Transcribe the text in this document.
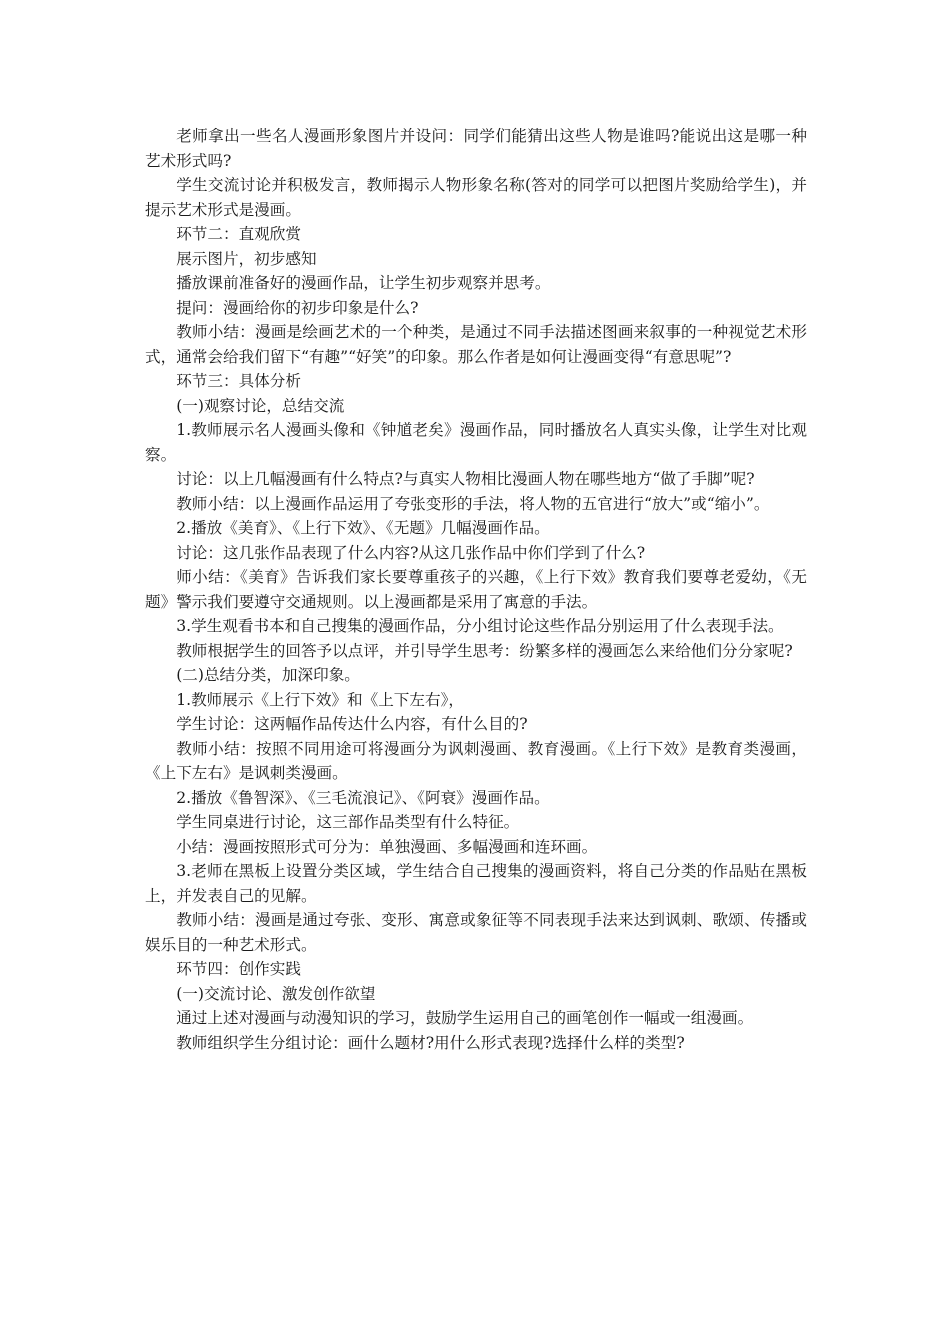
老师拿出一些名人漫画形象图片并设问：同学们能猜出这些人物是谁吗?能说出这是哪一种艺术形式吗?

学生交流讨论并积极发言，教师揭示人物形象名称(答对的同学可以把图片奖励给学生)，并提示艺术形式是漫画。

环节二：直观欣赏

展示图片，初步感知

播放课前准备好的漫画作品，让学生初步观察并思考。

提问：漫画给你的初步印象是什么?

教师小结：漫画是绘画艺术的一个种类，是通过不同手法描述图画来叙事的一种视觉艺术形式，通常会给我们留下“有趣”“好笑”的印象。那么作者是如何让漫画变得“有意思呢”?

环节三：具体分析

(一)观察讨论，总结交流

1.教师展示名人漫画头像和《钟馗老矣》漫画作品，同时播放名人真实头像，让学生对比观察。

讨论：以上几幅漫画有什么特点?与真实人物相比漫画人物在哪些地方“做了手脚”呢?

教师小结：以上漫画作品运用了夸张变形的手法，将人物的五官进行“放大”或“缩小”。

2.播放《美育》、《上行下效》、《无题》几幅漫画作品。

讨论：这几张作品表现了什么内容?从这几张作品中你们学到了什么?

师小结：《美育》告诉我们家长要尊重孩子的兴趣，《上行下效》教育我们要尊老爱幼，《无题》警示我们要遵守交通规则。以上漫画都是采用了寓意的手法。

3.学生观看书本和自己搜集的漫画作品，分小组讨论这些作品分别运用了什么表现手法。

教师根据学生的回答予以点评，并引导学生思考：纷繁多样的漫画怎么来给他们分分家呢?

(二)总结分类，加深印象。

1.教师展示《上行下效》和《上下左右》，

学生讨论：这两幅作品传达什么内容，有什么目的?

教师小结：按照不同用途可将漫画分为讽刺漫画、教育漫画。《上行下效》是教育类漫画，《上下左右》是讽刺类漫画。

2.播放《鲁智深》、《三毛流浪记》、《阿衰》漫画作品。

学生同桌进行讨论，这三部作品类型有什么特征。

小结：漫画按照形式可分为：单独漫画、多幅漫画和连环画。

3.老师在黑板上设置分类区域，学生结合自己搜集的漫画资料，将自己分类的作品贴在黑板上，并发表自己的见解。

教师小结：漫画是通过夸张、变形、寓意或象征等不同表现手法来达到讽刺、歌颂、传播或娱乐目的一种艺术形式。

环节四：创作实践

(一)交流讨论、激发创作欲望

通过上述对漫画与动漫知识的学习，鼓励学生运用自己的画笔创作一幅或一组漫画。

教师组织学生分组讨论：画什么题材?用什么形式表现?选择什么样的类型?
